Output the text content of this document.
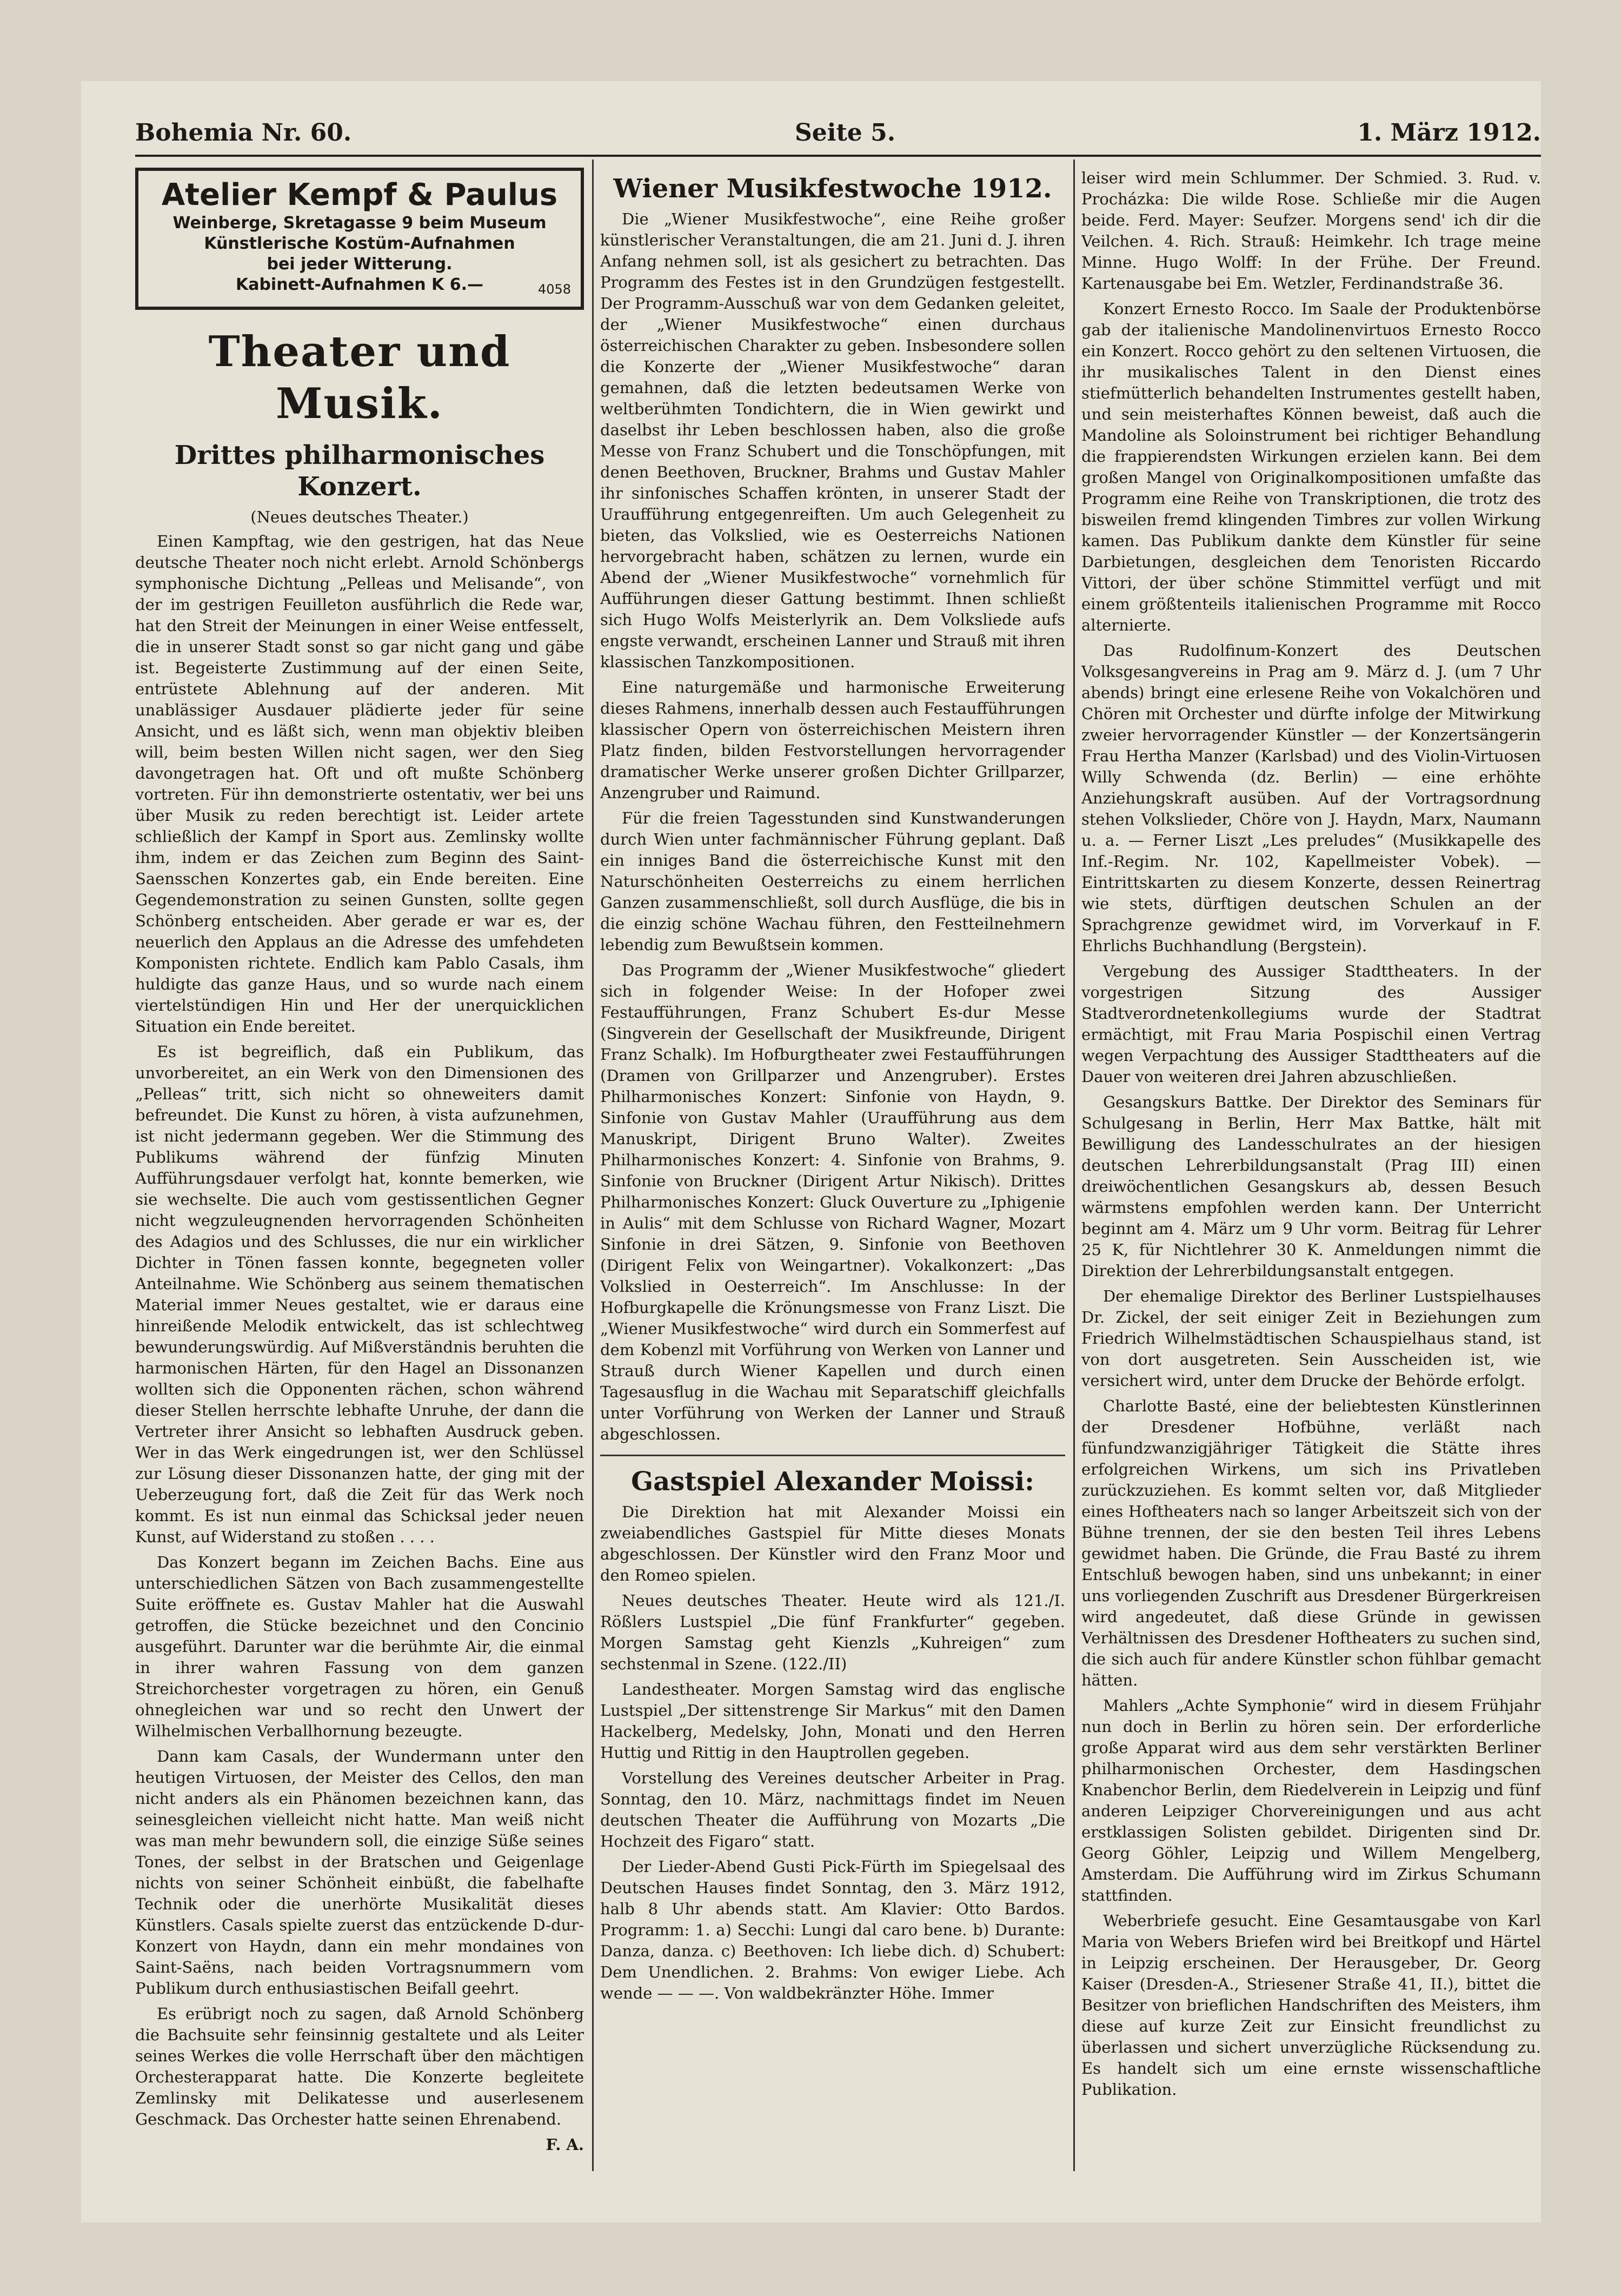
Bohemia Nr. 60.	Seite 5.	1. März 1912.
Atelier Kempf & Paulus
Weinberge, Skretagasse 9 beim Museum
Künstlerische Kostüm-Aufnahmen
bei jeder Witterung.
Kabinett-Aufnahmen K 6.—	4058
Theater und Musik.
Drittes philharmonisches Konzert.
(Neues deutsches Theater.)

Einen Kampftag, wie den gestrigen, hat das Neue deutsche Theater noch nicht erlebt. Arnold Schönbergs symphonische Dichtung „Pelleas und Melisande“, von der im gestrigen Feuilleton ausführlich die Rede war, hat den Streit der Meinungen in einer Weise entfesselt, die in unserer Stadt sonst so gar nicht gang und gäbe ist. Begeisterte Zustimmung auf der einen Seite, entrüstete Ablehnung auf der anderen. Mit unablässiger Ausdauer plädierte jeder für seine Ansicht, und es läßt sich, wenn man objektiv bleiben will, beim besten Willen nicht sagen, wer den Sieg davongetragen hat. Oft und oft mußte Schönberg vortreten. Für ihn demonstrierte ostentativ, wer bei uns über Musik zu reden berechtigt ist. Leider artete schließlich der Kampf in Sport aus. Zemlinsky wollte ihm, indem er das Zeichen zum Beginn des Saint-Saensschen Konzertes gab, ein Ende bereiten. Eine Gegendemonstration zu seinen Gunsten, sollte gegen Schönberg entscheiden. Aber gerade er war es, der neuerlich den Applaus an die Adresse des umfehdeten Komponisten richtete. Endlich kam Pablo Casals, ihm huldigte das ganze Haus, und so wurde nach einem viertelstündigen Hin und Her der unerquicklichen Situation ein Ende bereitet.

Es ist begreiflich, daß ein Publikum, das unvorbereitet, an ein Werk von den Dimensionen des „Pelleas“ tritt, sich nicht so ohneweiters damit befreundet. Die Kunst zu hören, à vista aufzunehmen, ist nicht jedermann gegeben. Wer die Stimmung des Publikums während der fünfzig Minuten Aufführungsdauer verfolgt hat, konnte bemerken, wie sie wechselte. Die auch vom gestissentlichen Gegner nicht wegzuleugnenden hervorragenden Schönheiten des Adagios und des Schlusses, die nur ein wirklicher Dichter in Tönen fassen konnte, begegneten voller Anteilnahme. Wie Schönberg aus seinem thematischen Material immer Neues gestaltet, wie er daraus eine hinreißende Melodik entwickelt, das ist schlechtweg bewunderungswürdig. Auf Mißverständnis beruhten die harmonischen Härten, für den Hagel an Dissonanzen wollten sich die Opponenten rächen, schon während dieser Stellen herrschte lebhafte Unruhe, der dann die Vertreter ihrer Ansicht so lebhaften Ausdruck geben. Wer in das Werk eingedrungen ist, wer den Schlüssel zur Lösung dieser Dissonanzen hatte, der ging mit der Ueberzeugung fort, daß die Zeit für das Werk noch kommt. Es ist nun einmal das Schicksal jeder neuen Kunst, auf Widerstand zu stoßen . . . .

Das Konzert begann im Zeichen Bachs. Eine aus unterschiedlichen Sätzen von Bach zusammengestellte Suite eröffnete es. Gustav Mahler hat die Auswahl getroffen, die Stücke bezeichnet und den Concinio ausgeführt. Darunter war die berühmte Air, die einmal in ihrer wahren Fassung von dem ganzen Streichorchester vorgetragen zu hören, ein Genuß ohnegleichen war und so recht den Unwert der Wilhelmischen Verballhornung bezeugte.

Dann kam Casals, der Wundermann unter den heutigen Virtuosen, der Meister des Cellos, den man nicht anders als ein Phänomen bezeichnen kann, das seinesgleichen vielleicht nicht hatte. Man weiß nicht was man mehr bewundern soll, die einzige Süße seines Tones, der selbst in der Bratschen und Geigenlage nichts von seiner Schönheit einbüßt, die fabelhafte Technik oder die unerhörte Musikalität dieses Künstlers. Casals spielte zuerst das entzückende D-dur-Konzert von Haydn, dann ein mehr mondaines von Saint-Saëns, nach beiden Vortragsnummern vom Publikum durch enthusiastischen Beifall geehrt.

Es erübrigt noch zu sagen, daß Arnold Schönberg die Bachsuite sehr feinsinnig gestaltete und als Leiter seines Werkes die volle Herrschaft über den mächtigen Orchesterapparat hatte. Die Konzerte begleitete Zemlinsky mit Delikatesse und auserlesenem Geschmack. Das Orchester hatte seinen Ehrenabend.

F. A.
Wiener Musikfestwoche 1912.

Die „Wiener Musikfestwoche“, eine Reihe großer künstlerischer Veranstaltungen, die am 21. Juni d. J. ihren Anfang nehmen soll, ist als gesichert zu betrachten. Das Programm des Festes ist in den Grundzügen festgestellt. Der Programm-Ausschuß war von dem Gedanken geleitet, der „Wiener Musikfestwoche“ einen durchaus österreichischen Charakter zu geben. Insbesondere sollen die Konzerte der „Wiener Musikfestwoche“ daran gemahnen, daß die letzten bedeutsamen Werke von weltberühmten Tondichtern, die in Wien gewirkt und daselbst ihr Leben beschlossen haben, also die große Messe von Franz Schubert und die Tonschöpfungen, mit denen Beethoven, Bruckner, Brahms und Gustav Mahler ihr sinfonisches Schaffen krönten, in unserer Stadt der Uraufführung entgegenreiften. Um auch Gelegenheit zu bieten, das Volkslied, wie es Oesterreichs Nationen hervorgebracht haben, schätzen zu lernen, wurde ein Abend der „Wiener Musikfestwoche“ vornehmlich für Aufführungen dieser Gattung bestimmt. Ihnen schließt sich Hugo Wolfs Meisterlyrik an. Dem Volksliede aufs engste verwandt, erscheinen Lanner und Strauß mit ihren klassischen Tanzkompositionen.

Eine naturgemäße und harmonische Erweiterung dieses Rahmens, innerhalb dessen auch Festaufführungen klassischer Opern von österreichischen Meistern ihren Platz finden, bilden Festvorstellungen hervorragender dramatischer Werke unserer großen Dichter Grillparzer, Anzengruber und Raimund.

Für die freien Tagesstunden sind Kunstwanderungen durch Wien unter fachmännischer Führung geplant. Daß ein inniges Band die österreichische Kunst mit den Naturschönheiten Oesterreichs zu einem herrlichen Ganzen zusammenschließt, soll durch Ausflüge, die bis in die einzig schöne Wachau führen, den Festteilnehmern lebendig zum Bewußtsein kommen.

Das Programm der „Wiener Musikfestwoche“ gliedert sich in folgender Weise: In der Hofoper zwei Festaufführungen, Franz Schubert Es-dur Messe (Singverein der Gesellschaft der Musikfreunde, Dirigent Franz Schalk). Im Hofburgtheater zwei Festaufführungen (Dramen von Grillparzer und Anzengruber). Erstes Philharmonisches Konzert: Sinfonie von Haydn, 9. Sinfonie von Gustav Mahler (Uraufführung aus dem Manuskript, Dirigent Bruno Walter). Zweites Philharmonisches Konzert: 4. Sinfonie von Brahms, 9. Sinfonie von Bruckner (Dirigent Artur Nikisch). Drittes Philharmonisches Konzert: Gluck Ouverture zu „Iphigenie in Aulis“ mit dem Schlusse von Richard Wagner, Mozart Sinfonie in drei Sätzen, 9. Sinfonie von Beethoven (Dirigent Felix von Weingartner). Vokalkonzert: „Das Volkslied in Oesterreich“. Im Anschlusse: In der Hofburgkapelle die Krönungsmesse von Franz Liszt. Die „Wiener Musikfestwoche“ wird durch ein Sommerfest auf dem Kobenzl mit Vorführung von Werken von Lanner und Strauß durch Wiener Kapellen und durch einen Tagesausflug in die Wachau mit Separatschiff gleichfalls unter Vorführung von Werken der Lanner und Strauß abgeschlossen.

Gastspiel Alexander Moissi:

Die Direktion hat mit Alexander Moissi ein zweiabendliches Gastspiel für Mitte dieses Monats abgeschlossen. Der Künstler wird den Franz Moor und den Romeo spielen.

Neues deutsches Theater. Heute wird als 121./I. Rößlers Lustspiel „Die fünf Frankfurter“ gegeben. Morgen Samstag geht Kienzls „Kuhreigen“ zum sechstenmal in Szene. (122./II)

Landestheater. Morgen Samstag wird das englische Lustspiel „Der sittenstrenge Sir Markus“ mit den Damen Hackelberg, Medelsky, John, Monati und den Herren Huttig und Rittig in den Hauptrollen gegeben.

Vorstellung des Vereines deutscher Arbeiter in Prag. Sonntag, den 10. März, nachmittags findet im Neuen deutschen Theater die Aufführung von Mozarts „Die Hochzeit des Figaro“ statt.

Der Lieder-Abend Gusti Pick-Fürth im Spiegelsaal des Deutschen Hauses findet Sonntag, den 3. März 1912, halb 8 Uhr abends statt. Am Klavier: Otto Bardos. Programm: 1. a) Secchi: Lungi dal caro bene. b) Durante: Danza, danza. c) Beethoven: Ich liebe dich. d) Schubert: Dem Unendlichen. 2. Brahms: Von ewiger Liebe. Ach wende — — —. Von waldbekränzter Höhe. Immer

leiser wird mein Schlummer. Der Schmied. 3. Rud. v. Procházka: Die wilde Rose. Schließe mir die Augen beide. Ferd. Mayer: Seufzer. Morgens send' ich dir die Veilchen. 4. Rich. Strauß: Heimkehr. Ich trage meine Minne. Hugo Wolff: In der Frühe. Der Freund. Kartenausgabe bei Em. Wetzler, Ferdinandstraße 36.

Konzert Ernesto Rocco. Im Saale der Produktenbörse gab der italienische Mandolinenvirtuos Ernesto Rocco ein Konzert. Rocco gehört zu den seltenen Virtuosen, die ihr musikalisches Talent in den Dienst eines stiefmütterlich behandelten Instrumentes gestellt haben, und sein meisterhaftes Können beweist, daß auch die Mandoline als Soloinstrument bei richtiger Behandlung die frappierendsten Wirkungen erzielen kann. Bei dem großen Mangel von Originalkompositionen umfaßte das Programm eine Reihe von Transkriptionen, die trotz des bisweilen fremd klingenden Timbres zur vollen Wirkung kamen. Das Publikum dankte dem Künstler für seine Darbietungen, desgleichen dem Tenoristen Riccardo Vittori, der über schöne Stimmittel verfügt und mit einem größtenteils italienischen Programme mit Rocco alternierte.

Das Rudolfinum-Konzert des Deutschen Volksgesangvereins in Prag am 9. März d. J. (um 7 Uhr abends) bringt eine erlesene Reihe von Vokalchören und Chören mit Orchester und dürfte infolge der Mitwirkung zweier hervorragender Künstler — der Konzertsängerin Frau Hertha Manzer (Karlsbad) und des Violin-Virtuosen Willy Schwenda (dz. Berlin) — eine erhöhte Anziehungskraft ausüben. Auf der Vortragsordnung stehen Volkslieder, Chöre von J. Haydn, Marx, Naumann u. a. — Ferner Liszt „Les preludes“ (Musikkapelle des Inf.-Regim. Nr. 102, Kapellmeister Vobek). — Eintrittskarten zu diesem Konzerte, dessen Reinertrag wie stets, dürftigen deutschen Schulen an der Sprachgrenze gewidmet wird, im Vorverkauf in F. Ehrlichs Buchhandlung (Bergstein).

Vergebung des Aussiger Stadttheaters. In der vorgestrigen Sitzung des Aussiger Stadtverordnetenkollegiums wurde der Stadtrat ermächtigt, mit Frau Maria Pospischil einen Vertrag wegen Verpachtung des Aussiger Stadttheaters auf die Dauer von weiteren drei Jahren abzuschließen.

Gesangskurs Battke. Der Direktor des Seminars für Schulgesang in Berlin, Herr Max Battke, hält mit Bewilligung des Landesschulrates an der hiesigen deutschen Lehrerbildungsanstalt (Prag III) einen dreiwöchentlichen Gesangskurs ab, dessen Besuch wärmstens empfohlen werden kann. Der Unterricht beginnt am 4. März um 9 Uhr vorm. Beitrag für Lehrer 25 K, für Nichtlehrer 30 K. Anmeldungen nimmt die Direktion der Lehrerbildungsanstalt entgegen.

Der ehemalige Direktor des Berliner Lustspielhauses Dr. Zickel, der seit einiger Zeit in Beziehungen zum Friedrich Wilhelmstädtischen Schauspielhaus stand, ist von dort ausgetreten. Sein Ausscheiden ist, wie versichert wird, unter dem Drucke der Behörde erfolgt.

Charlotte Basté, eine der beliebtesten Künstlerinnen der Dresdener Hofbühne, verläßt nach fünfundzwanzigjähriger Tätigkeit die Stätte ihres erfolgreichen Wirkens, um sich ins Privatleben zurückzuziehen. Es kommt selten vor, daß Mitglieder eines Hoftheaters nach so langer Arbeitszeit sich von der Bühne trennen, der sie den besten Teil ihres Lebens gewidmet haben. Die Gründe, die Frau Basté zu ihrem Entschluß bewogen haben, sind uns unbekannt; in einer uns vorliegenden Zuschrift aus Dresdener Bürgerkreisen wird angedeutet, daß diese Gründe in gewissen Verhältnissen des Dresdener Hoftheaters zu suchen sind, die sich auch für andere Künstler schon fühlbar gemacht hätten.

Mahlers „Achte Symphonie“ wird in diesem Frühjahr nun doch in Berlin zu hören sein. Der erforderliche große Apparat wird aus dem sehr verstärkten Berliner philharmonischen Orchester, dem Hasdingschen Knabenchor Berlin, dem Riedelverein in Leipzig und fünf anderen Leipziger Chorvereinigungen und aus acht erstklassigen Solisten gebildet. Dirigenten sind Dr. Georg Göhler, Leipzig und Willem Mengelberg, Amsterdam. Die Aufführung wird im Zirkus Schumann stattfinden.

Weberbriefe gesucht. Eine Gesamtausgabe von Karl Maria von Webers Briefen wird bei Breitkopf und Härtel in Leipzig erscheinen. Der Herausgeber, Dr. Georg Kaiser (Dresden-A., Striesener Straße 41, II.), bittet die Besitzer von brieflichen Handschriften des Meisters, ihm diese auf kurze Zeit zur Einsicht freundlichst zu überlassen und sichert unverzügliche Rücksendung zu. Es handelt sich um eine ernste wissenschaftliche Publikation.
